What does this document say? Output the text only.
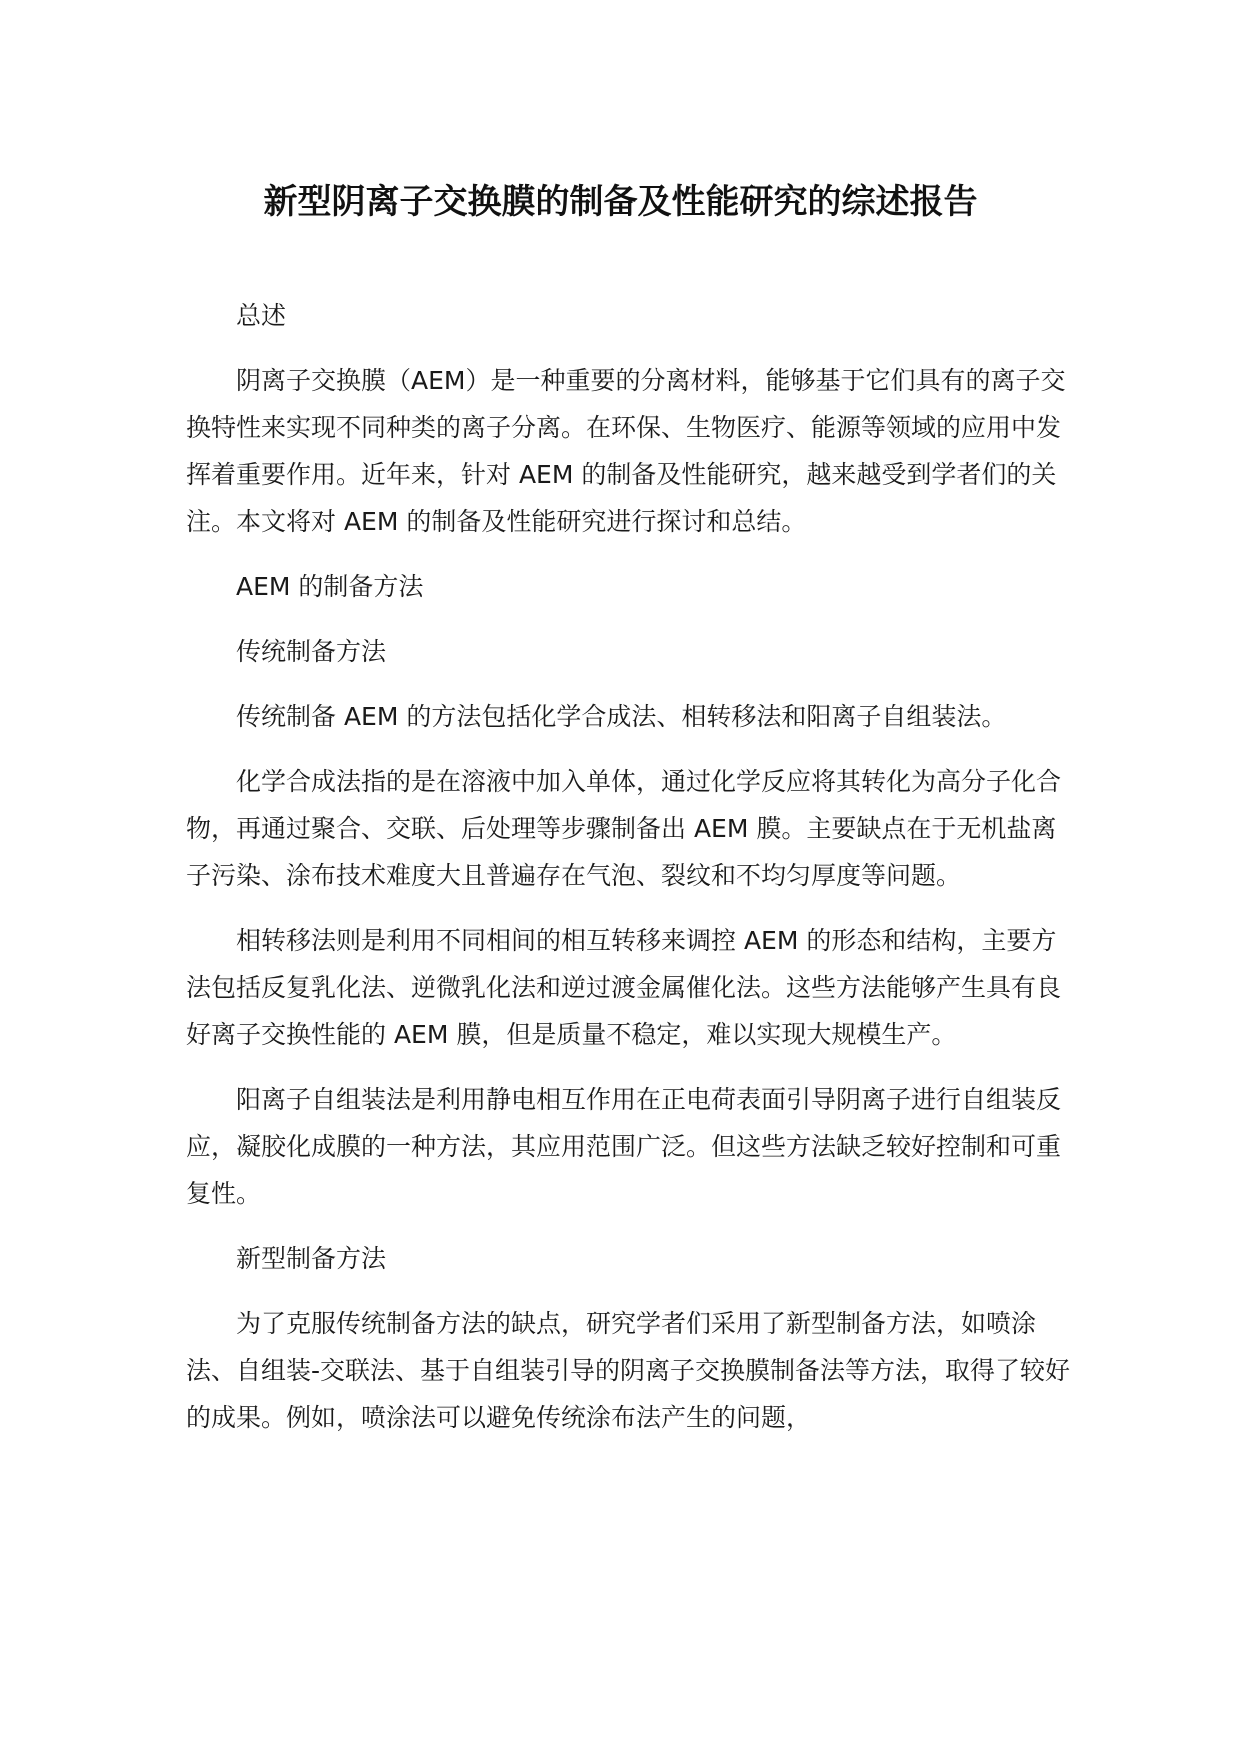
新型阴离子交换膜的制备及性能研究的综述报告

总述

阴离子交换膜（AEM）是一种重要的分离材料，能够基于它们具有的离子交换特性来实现不同种类的离子分离。在环保、生物医疗、能源等领域的应用中发挥着重要作用。近年来，针对 AEM 的制备及性能研究，越来越受到学者们的关注。本文将对 AEM 的制备及性能研究进行探讨和总结。

AEM 的制备方法

传统制备方法

传统制备 AEM 的方法包括化学合成法、相转移法和阳离子自组装法。

化学合成法指的是在溶液中加入单体，通过化学反应将其转化为高分子化合物，再通过聚合、交联、后处理等步骤制备出 AEM 膜。主要缺点在于无机盐离子污染、涂布技术难度大且普遍存在气泡、裂纹和不均匀厚度等问题。

相转移法则是利用不同相间的相互转移来调控 AEM 的形态和结构，主要方法包括反复乳化法、逆微乳化法和逆过渡金属催化法。这些方法能够产生具有良好离子交换性能的 AEM 膜，但是质量不稳定，难以实现大规模生产。

阳离子自组装法是利用静电相互作用在正电荷表面引导阴离子进行自组装反应，凝胶化成膜的一种方法，其应用范围广泛。但这些方法缺乏较好控制和可重复性。

新型制备方法

为了克服传统制备方法的缺点，研究学者们采用了新型制备方法，如喷涂法、自组装-交联法、基于自组装引导的阴离子交换膜制备法等方法，取得了较好的成果。例如，喷涂法可以避免传统涂布法产生的问题，
